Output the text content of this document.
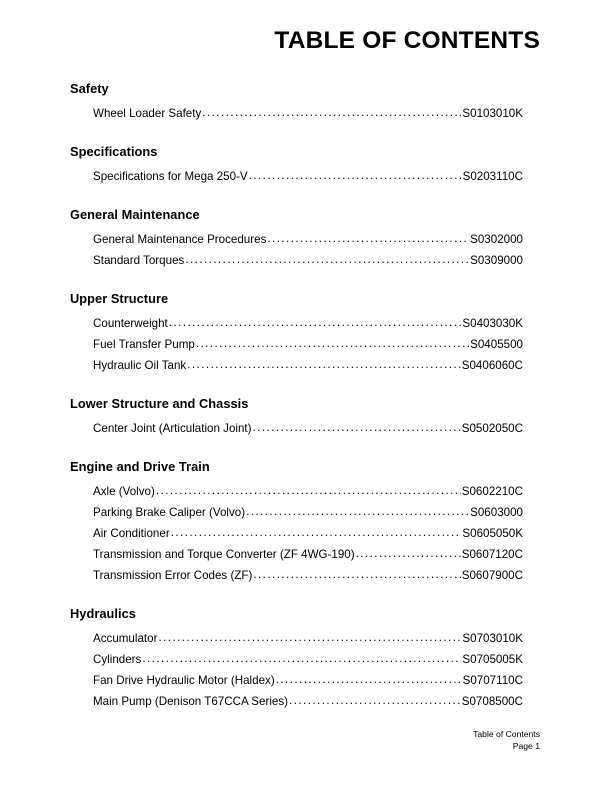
TABLE OF CONTENTS
Safety
Wheel Loader Safety .....	S0103010K
Specifications
Specifications for Mega 250-V .....	S0203110C
General Maintenance
General Maintenance Procedures .....	S0302000
Standard Torques .....	S0309000
Upper Structure
Counterweight .....	S0403030K
Fuel Transfer Pump .....	S0405500
Hydraulic Oil Tank .....	S0406060C
Lower Structure and Chassis
Center Joint (Articulation Joint) .....	S0502050C
Engine and Drive Train
Axle (Volvo) .....	S0602210C
Parking Brake Caliper (Volvo) .....	S0603000
Air Conditioner .....	S0605050K
Transmission and Torque Converter (ZF 4WG-190) .....	S0607120C
Transmission Error Codes (ZF) .....	S0607900C
Hydraulics
Accumulator .....	S0703010K
Cylinders .....	S0705005K
Fan Drive Hydraulic Motor (Haldex) .....	S0707110C
Main Pump (Denison T67CCA Series) .....	S0708500C
Table of Contents
Page 1
